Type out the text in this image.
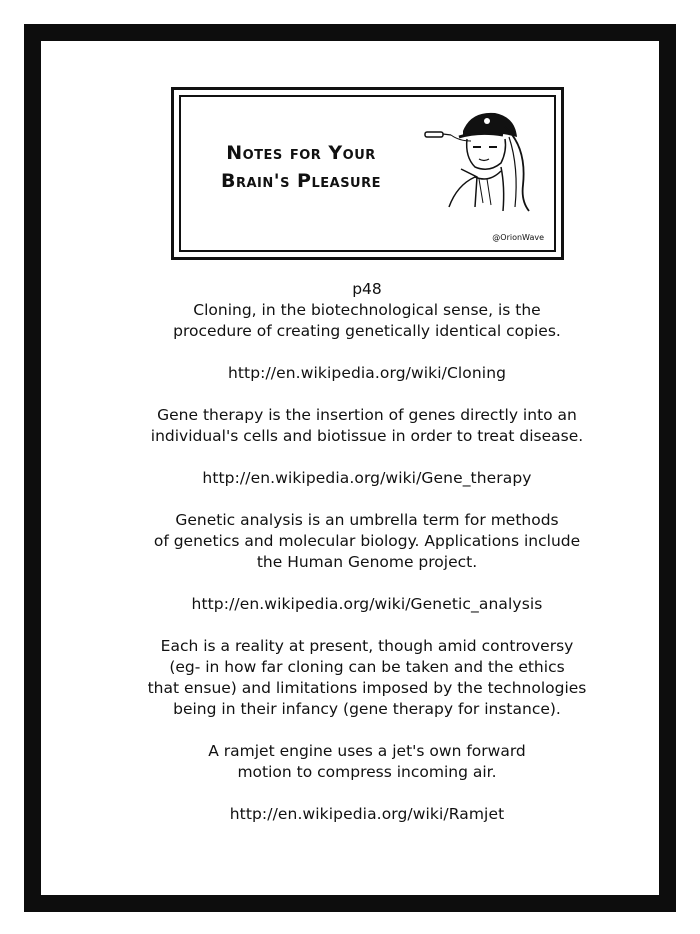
Notes for Your
Brain's Pleasure
@OrionWave

p48

Cloning, in the biotechnological sense, is the

procedure of creating genetically identical copies.

http://en.wikipedia.org/wiki/Cloning

Gene therapy is the insertion of genes directly into an

individual's cells and biotissue in order to treat disease.

http://en.wikipedia.org/wiki/Gene_therapy

Genetic analysis is an umbrella term for methods

of genetics and molecular biology. Applications include

the Human Genome project.

http://en.wikipedia.org/wiki/Genetic_analysis

Each is a reality at present, though amid controversy

(eg- in how far cloning can be taken and the ethics

that ensue) and limitations imposed by the technologies

being in their infancy (gene therapy for instance).

A ramjet engine uses a jet's own forward

motion to compress incoming air.

http://en.wikipedia.org/wiki/Ramjet
